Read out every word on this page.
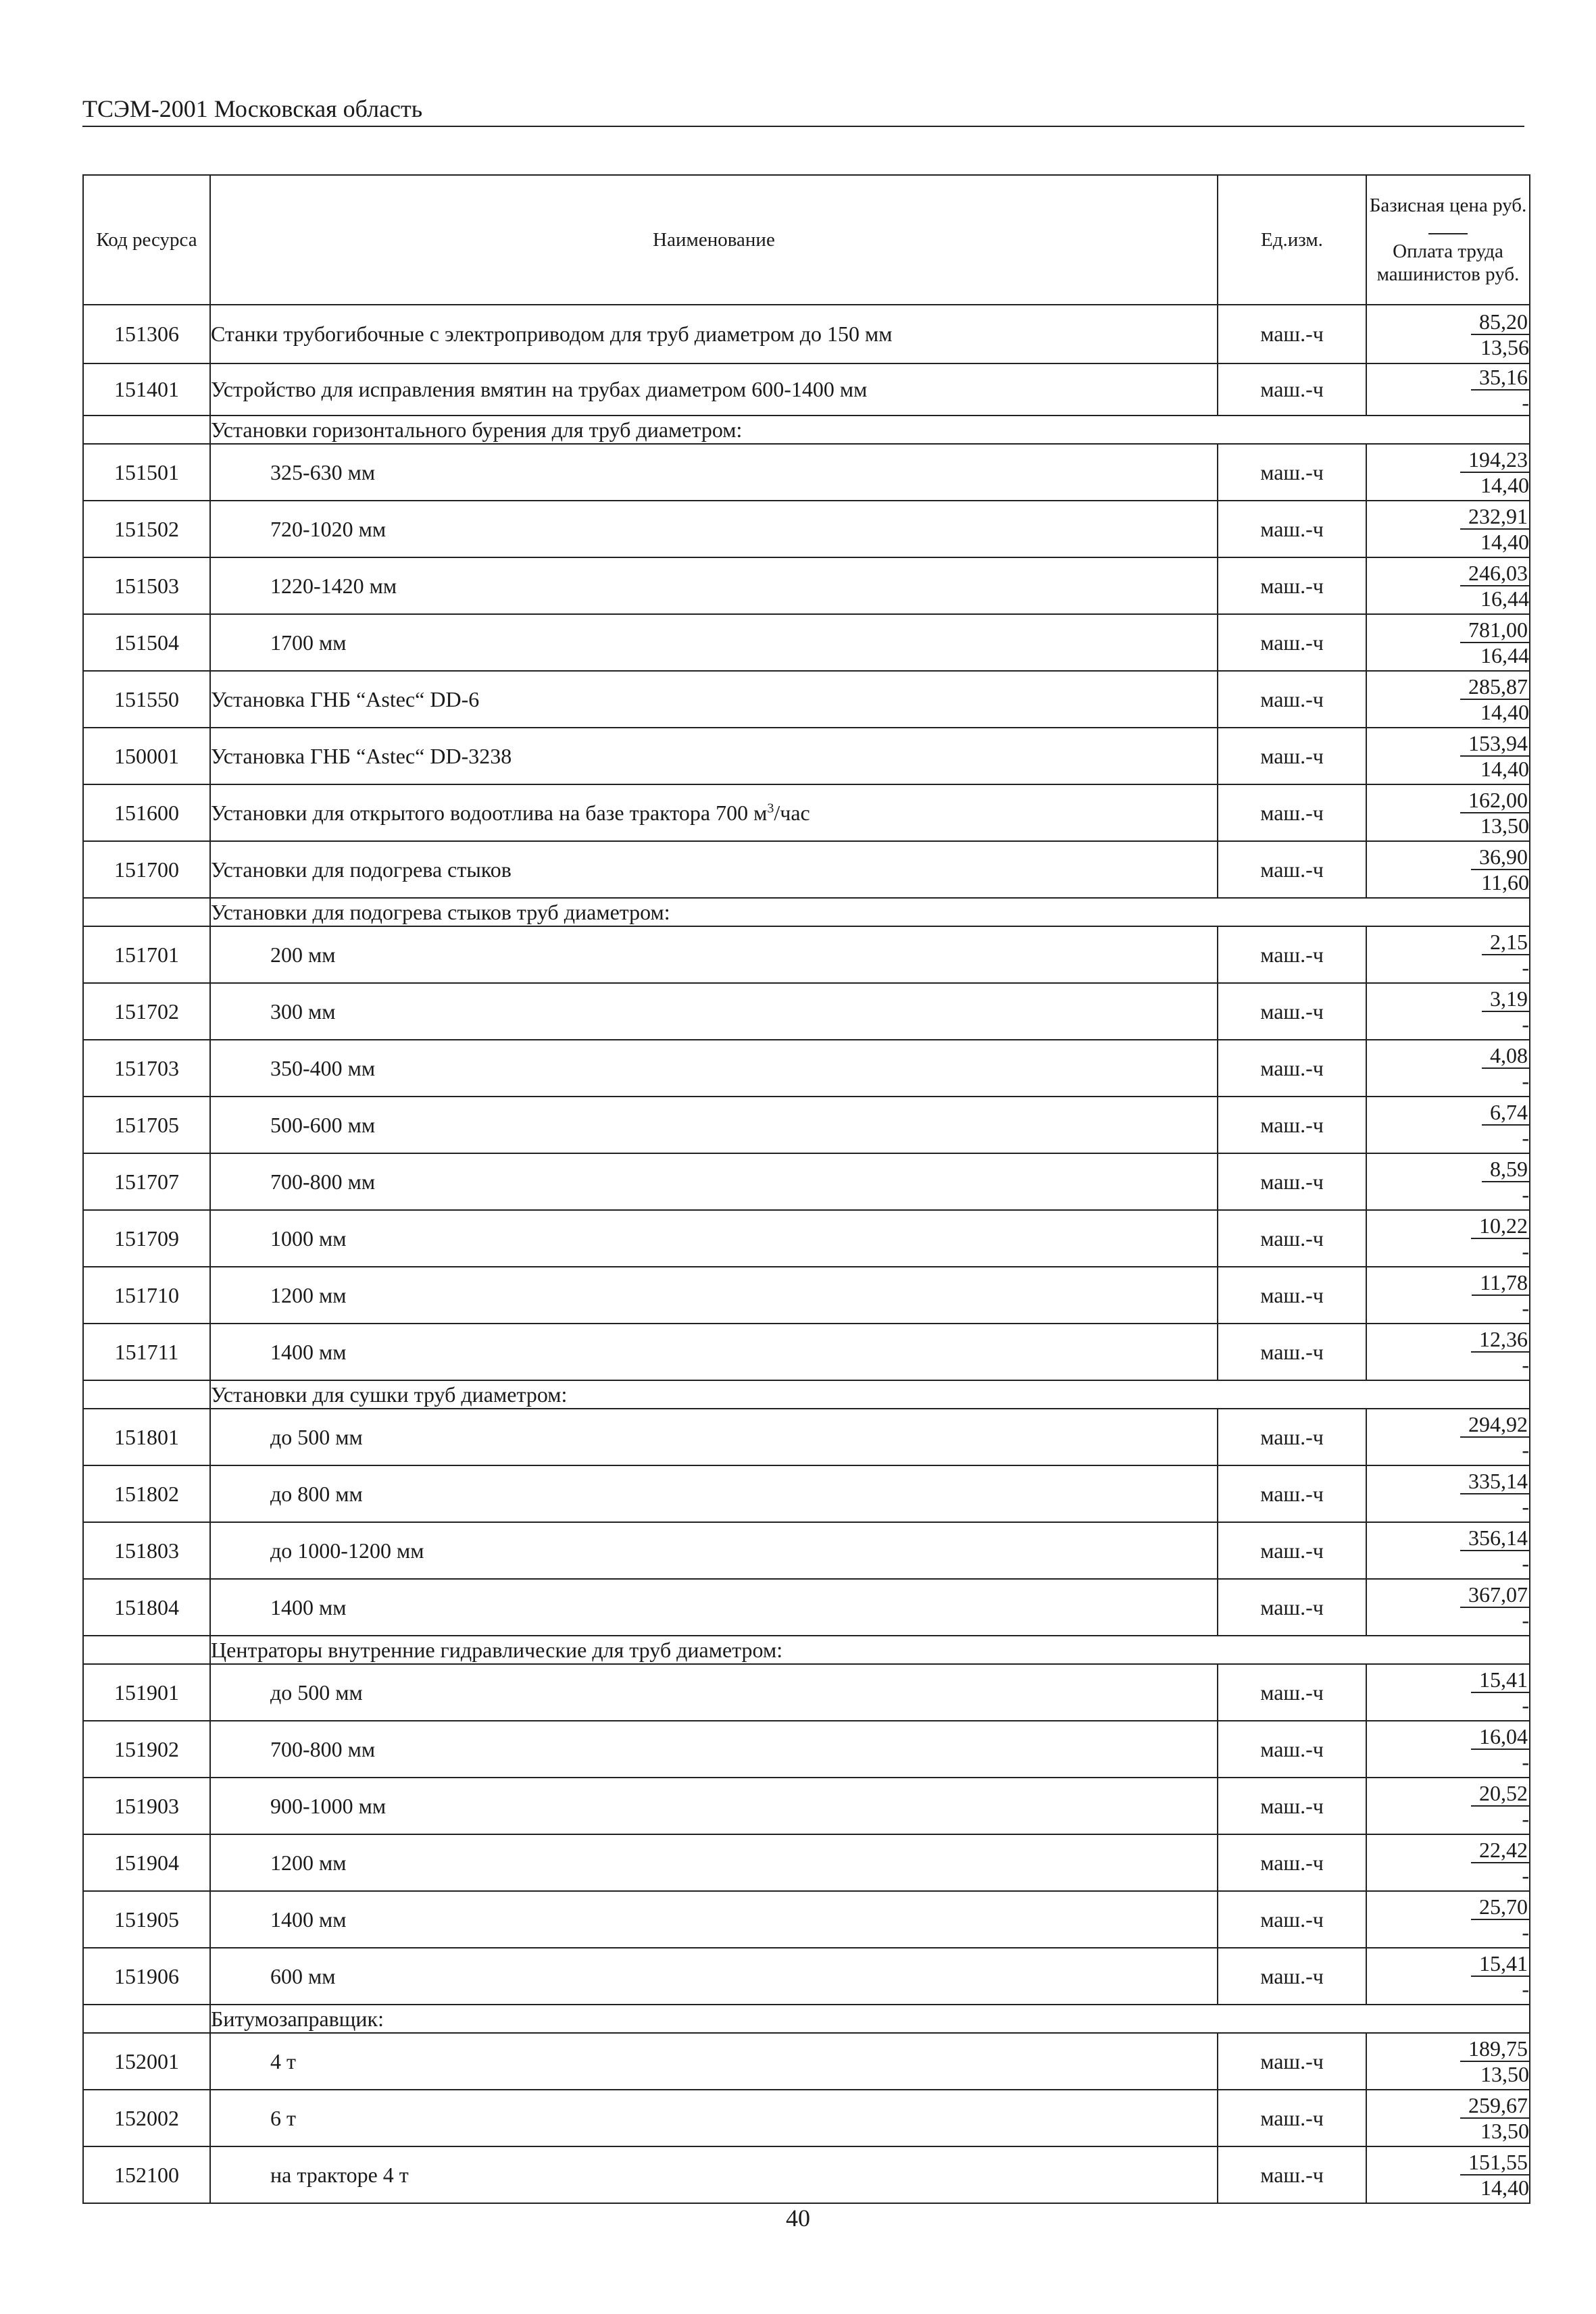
ТСЭМ-2001 Московская область
Код ресурса	Наименование	Ед.изм.	Базисная цена руб.
Оплата труда машинистов руб.

151306	Станки трубогибочные с электроприводом для труб диаметром до 150 мм	маш.-ч	85,20
13,56

151401	Устройство для исправления вмятин на трубах диаметром 600-1400 мм	маш.-ч	35,16
-

	Установки горизонтального бурения для труб диаметром:		
151501	325-630 мм	маш.-ч	194,23
14,40

151502	720-1020 мм	маш.-ч	232,91
14,40

151503	1220-1420 мм	маш.-ч	246,03
16,44

151504	1700 мм	маш.-ч	781,00
16,44

151550	Установка ГНБ “Astec“ DD-6	маш.-ч	285,87
14,40

150001	Установка ГНБ “Astec“ DD-3238	маш.-ч	153,94
14,40

151600	Установки для открытого водоотлива на базе трактора 700 $м^3$/час	маш.-ч	162,00
13,50

151700	Установки для подогрева стыков	маш.-ч	36,90
11,60

	Установки для подогрева стыков труб диаметром:		
151701	200 мм	маш.-ч	2,15
-

151702	300 мм	маш.-ч	3,19
-

151703	350-400 мм	маш.-ч	4,08
-

151705	500-600 мм	маш.-ч	6,74
-

151707	700-800 мм	маш.-ч	8,59
-

151709	1000 мм	маш.-ч	10,22
-

151710	1200 мм	маш.-ч	11,78
-

151711	1400 мм	маш.-ч	12,36
-

	Установки для сушки труб диаметром:		
151801	до 500 мм	маш.-ч	294,92
-

151802	до 800 мм	маш.-ч	335,14
-

151803	до 1000-1200 мм	маш.-ч	356,14
-

151804	1400 мм	маш.-ч	367,07
-

	Центраторы внутренние гидравлические для труб диаметром:		
151901	до 500 мм	маш.-ч	15,41
-

151902	700-800 мм	маш.-ч	16,04
-

151903	900-1000 мм	маш.-ч	20,52
-

151904	1200 мм	маш.-ч	22,42
-

151905	1400 мм	маш.-ч	25,70
-

151906	600 мм	маш.-ч	15,41
-

	Битумозаправщик:		
152001	4 т	маш.-ч	189,75
13,50

152002	6 т	маш.-ч	259,67
13,50

152100	на тракторе 4 т	маш.-ч	151,55
14,40
40
